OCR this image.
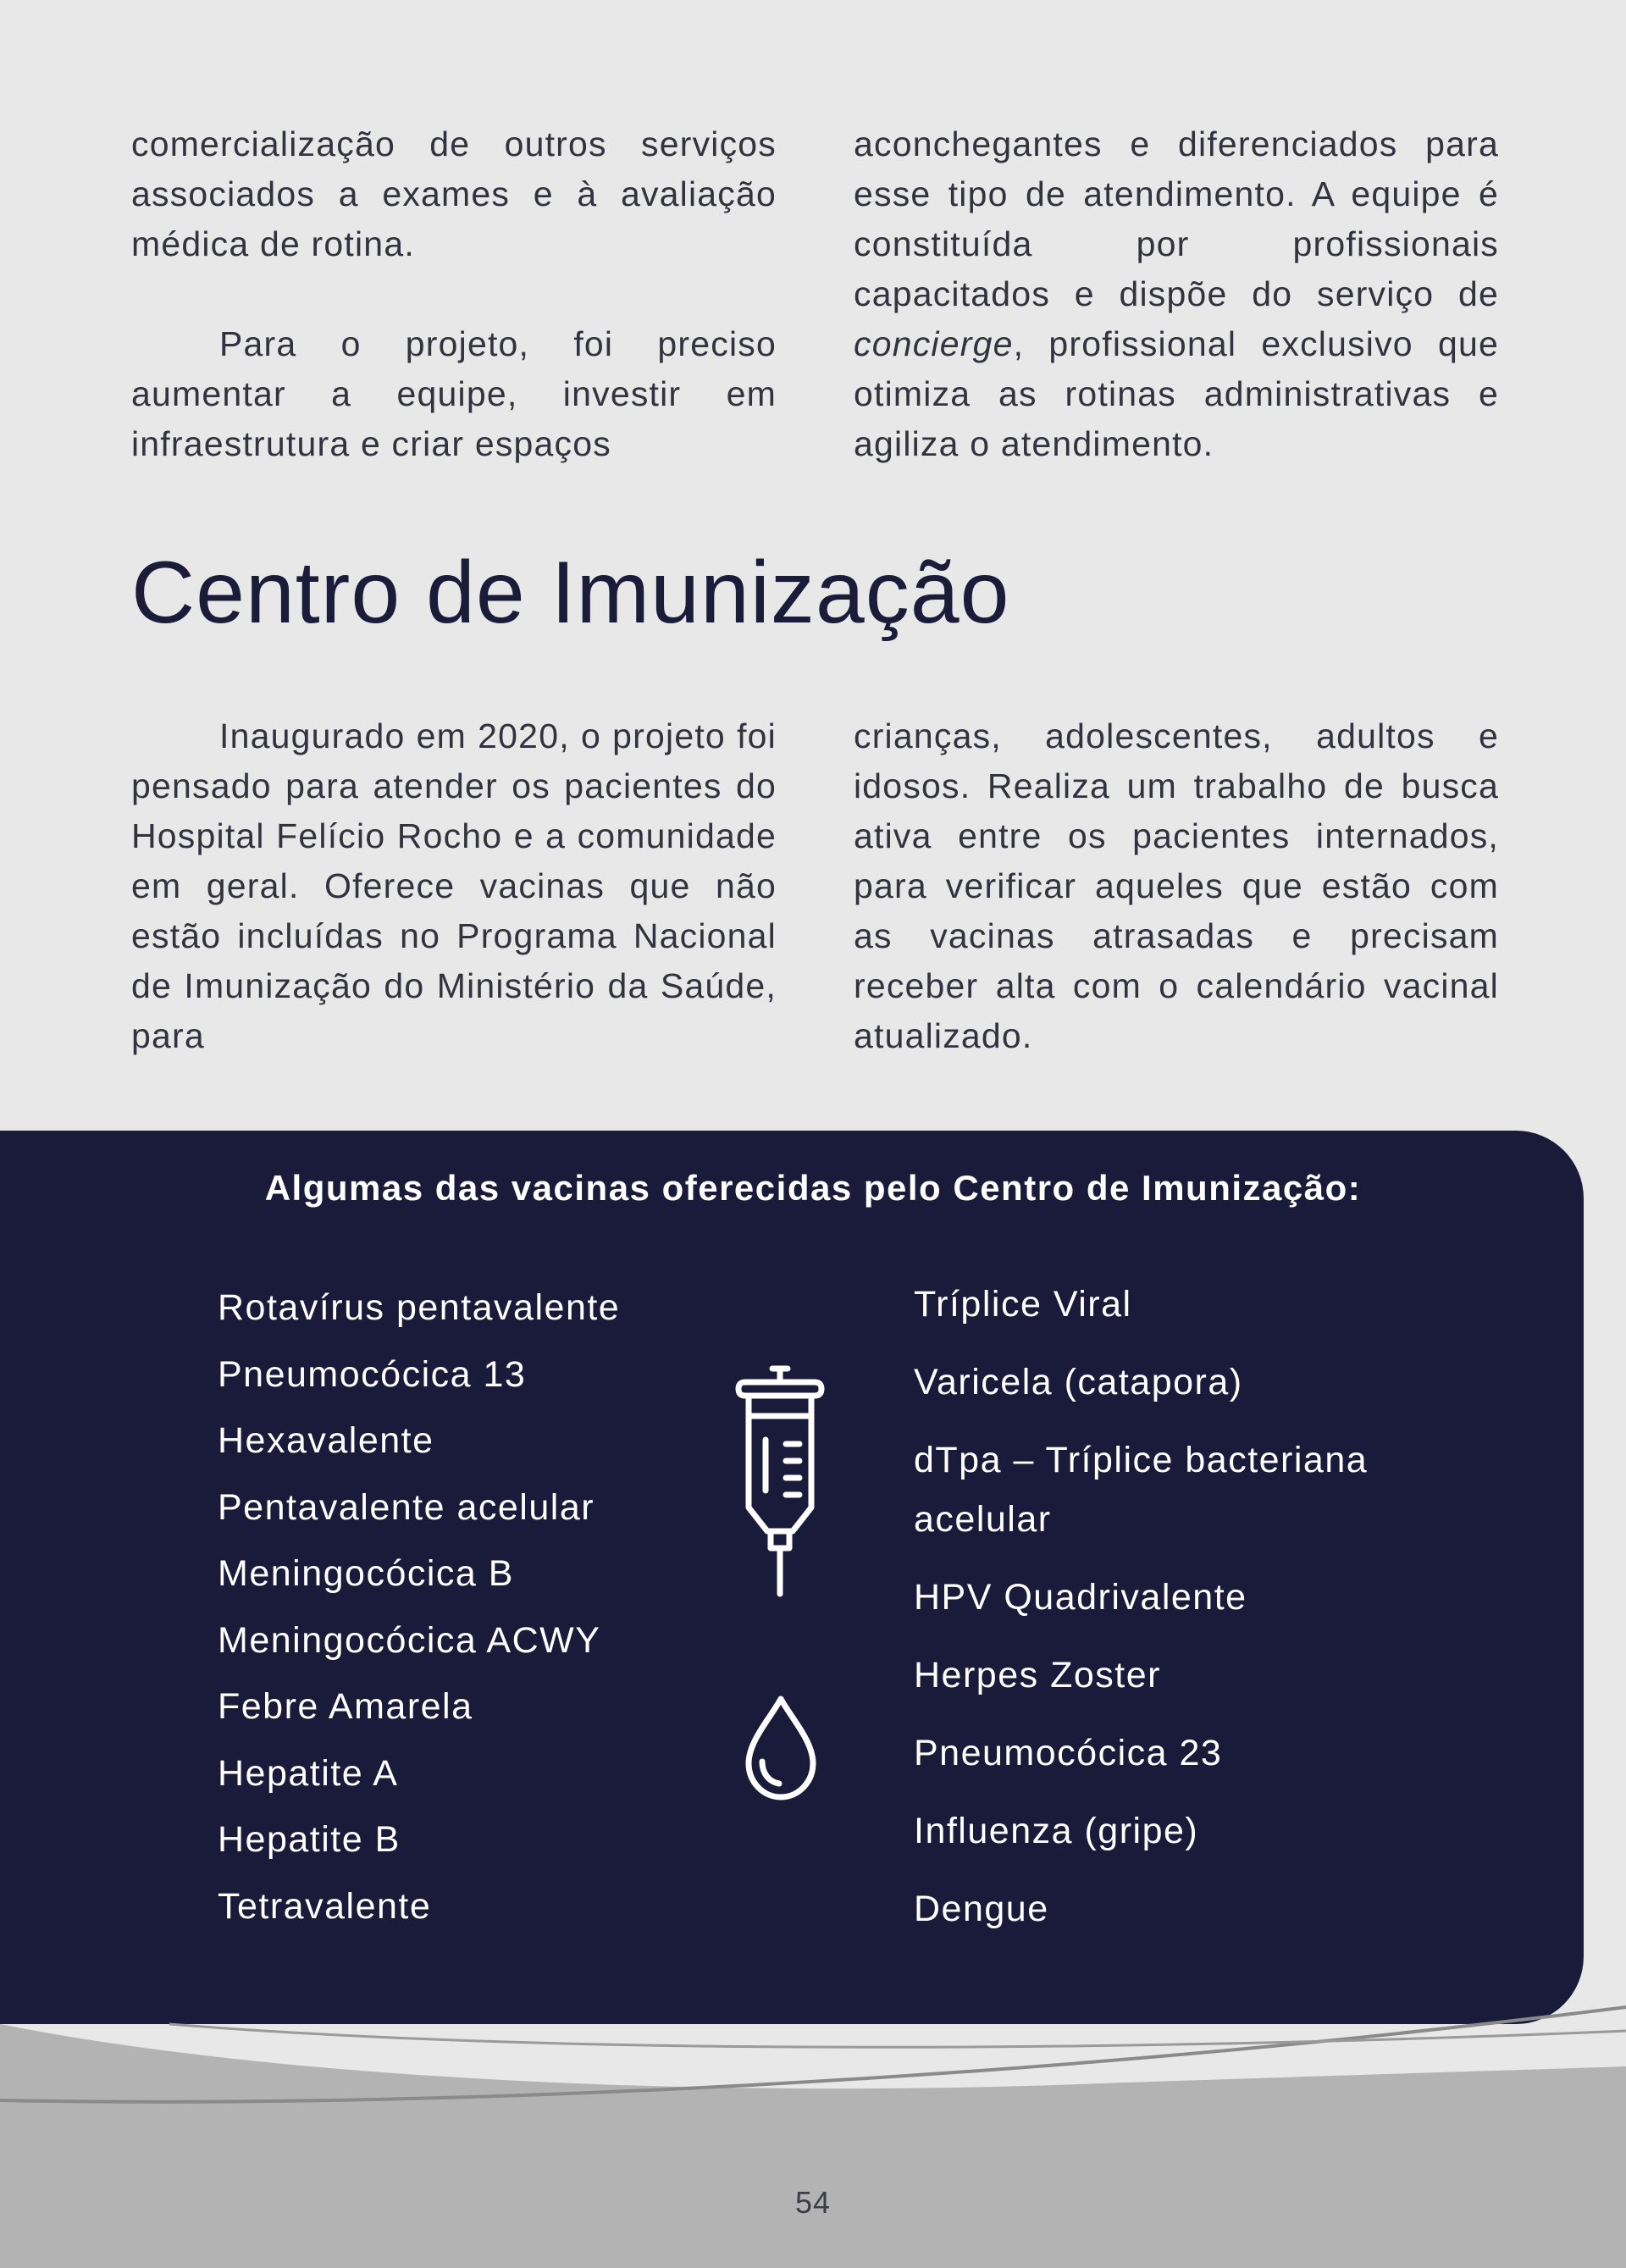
comercialização de outros serviços associados a exames e à avaliação médica de rotina.

Para o projeto, foi preciso aumentar a equipe, investir em infraestrutura e criar espaços

aconchegantes e diferenciados para esse tipo de atendimento. A equipe é constituída por profissionais capacitados e dispõe do serviço de concierge, profissional exclusivo que otimiza as rotinas administrativas e agiliza o atendimento.

Centro de Imunização

Inaugurado em 2020, o projeto foi pensado para atender os pacientes do Hospital Felício Rocho e a comunidade em geral. Oferece vacinas que não estão incluídas no Programa Nacional de Imunização do Ministério da Saúde, para

crianças, adolescentes, adultos e idosos. Realiza um trabalho de busca ativa entre os pacientes internados, para verificar aqueles que estão com as vacinas atrasadas e precisam receber alta com o calendário vacinal atualizado.

Algumas das vacinas oferecidas pelo Centro de Imunização:
Rotavírus pentavalente
Pneumocócica 13
Hexavalente
Pentavalente acelular
Meningocócica B
Meningocócica ACWY
Febre Amarela
Hepatite A
Hepatite B
Tetravalente
Tríplice Viral
Varicela (catapora)
dTpa – Tríplice bacteriana acelular
HPV Quadrivalente
Herpes Zoster
Pneumocócica 23
Influenza (gripe)
Dengue
54
